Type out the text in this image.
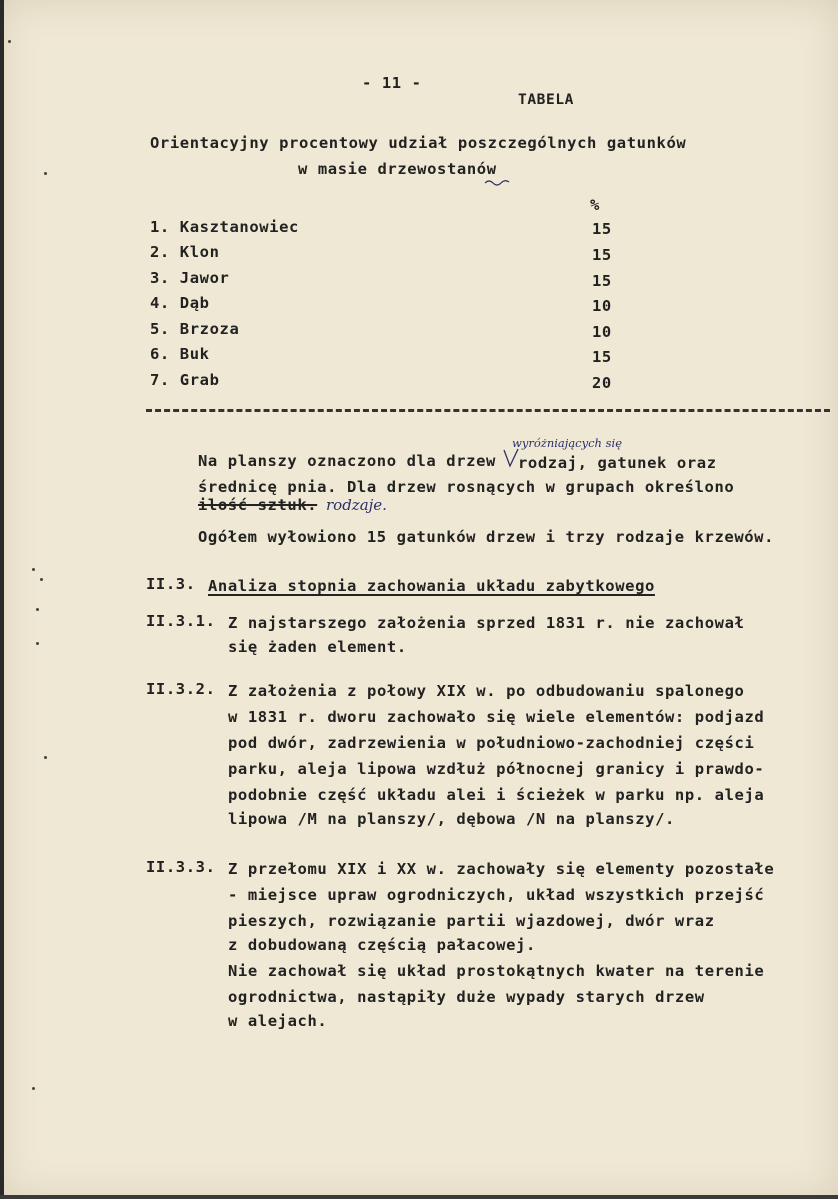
- 11 -
TABELA
Orientacyjny procentowy udział poszczególnych gatunków
w masie drzewostanów
%
1. Kasztanowiec	15
2. Klon	15
3. Jawor	15
4. Dąb	10
5. Brzoza	10
6. Buk	15
7. Grab	20
wyróżniających się
Na planszy oznaczono dla drzew rodzaj, gatunek oraz
średnicę pnia. Dla drzew rosnących w grupach określono
ilość sztuk. rodzaje.
Ogółem wyłowiono 15 gatunków drzew i trzy rodzaje krzewów.
II.3. Analiza stopnia zachowania układu zabytkowego
II.3.1. Z najstarszego założenia sprzed 1831 r. nie zachował
się żaden element.
II.3.2. Z założenia z połowy XIX w. po odbudowaniu spalonego
w 1831 r. dworu zachowało się wiele elementów: podjazd
pod dwór, zadrzewienia w południowo-zachodniej części
parku, aleja lipowa wzdłuż północnej granicy i prawdo-
podobnie część układu alei i ścieżek w parku np. aleja
lipowa /M na planszy/, dębowa /N na planszy/.
II.3.3. Z przełomu XIX i XX w. zachowały się elementy pozostałe
- miejsce upraw ogrodniczych, układ wszystkich przejść
pieszych, rozwiązanie partii wjazdowej, dwór wraz
z dobudowaną częścią pałacowej.
Nie zachował się układ prostokątnych kwater na terenie
ogrodnictwa, nastąpiły duże wypady starych drzew
w alejach.
